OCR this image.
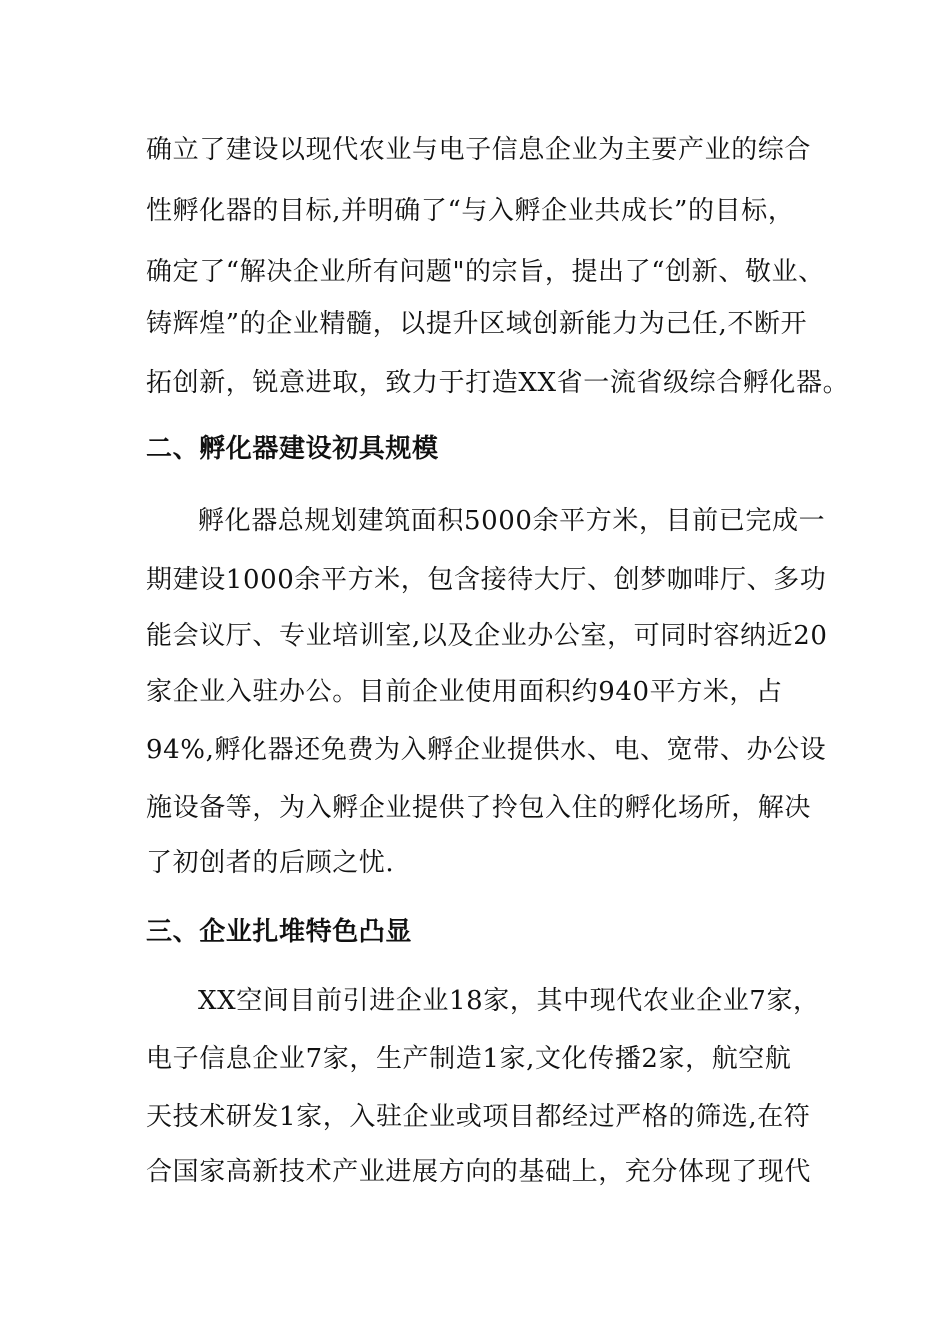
确立了建设以现代农业与电子信息企业为主要产业的综合
性孵化器的目标,并明确了“与入孵企业共成长”的目标，
确定了“解决企业所有问题"的宗旨，提出了“创新、敬业、
铸辉煌”的企业精髓，以提升区域创新能力为己任,不断开
拓创新，锐意进取，致力于打造XX省一流省级综合孵化器。
二、孵化器建设初具规模
孵化器总规划建筑面积5000余平方米，目前已完成一
期建设1000余平方米，包含接待大厅、创梦咖啡厅、多功
能会议厅、专业培训室,以及企业办公室，可同时容纳近20
家企业入驻办公。目前企业使用面积约940平方米，占
94%,孵化器还免费为入孵企业提供水、电、宽带、办公设
施设备等，为入孵企业提供了拎包入住的孵化场所，解决
了初创者的后顾之忧.
三、企业扎堆特色凸显
XX空间目前引进企业18家，其中现代农业企业7家，
电子信息企业7家，生产制造1家,文化传播2家，航空航
天技术研发1家，入驻企业或项目都经过严格的筛选,在符
合国家高新技术产业进展方向的基础上，充分体现了现代
